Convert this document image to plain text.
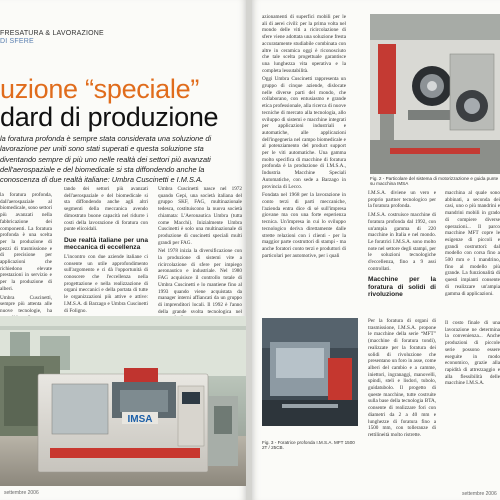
FRESATURA & LAVORAZIONE
DI SFERE
uzione “speciale”
dard di produzione
la foratura profonda è sempre stata considerata una soluzione di lavorazione per uniti sono stati superati e questa soluzione sta diventando sempre di più uno nelle realtà dei settori più avanzati dell'aerospaziale e del biomedicale si sta diffondendo anche la conoscenza di due realtà italiane: Umbra Cuscinetti e I.M.S.A.

la foratura profonda, dall'aerospaziale al biomedicale, sono settori più avanzati nella fabbricazione dei componenti. La foratura profonda è una scelta per la produzione di pezzi di trasmissione e di precisione per applicazioni che richiedono elevate prestazioni in servizio e per la produzione di alberi.

Umbra Cuscinetti, sempre più attenta alle nuove tecnologie, ha

tando dei settori più avanzati dell'aerospaziale e del biomedicale si sta diffondendo anche agli altri segmenti della meccanica avendo dimostrato buone capacità nel ridurre i costi della lavorazione di foratura con punte elicoidali.

Due realtà italiane per una meccanica di eccellenza

L'incontro con due aziende italiane ci consente un utile approfondimento sull'argomento e ci dà l'opportunità di conoscere che l'eccellenza nella progettazione e nella realizzazione di organi meccanici e della portata di tutte le organizzazioni più attive e attive: I.M.S.A. di Barzago e Umbra Cuscinetti di Foligno.

Umbra Cuscinetti nasce nel 1972 quando Gepi, una società italiana del gruppo SKF, FAG, multinazionale tedesca, costituiscono la nuova società chiamata: L'Aeronautica Umbra (tutta come Macchi). Inizialmente Umbra Cuscinetti è solo una multinazionale di produzione di cuscinetti speciali multi grandi per FAG.

Nel 1978 inizia la diversificazione con la produzione di sistemi vite a ricircolazione di sfere per impiego aeronautico e industriale. Nel 1980 FAG acquisisce il controllo totale di Umbra Cuscinetti e lo mantiene fino al 1993 quando viene acquistata da manager interni affiancati da un gruppo di imprenditori locali. Il 1992 è l'anno della grande svolta tecnologica nel

IMSA
settembre 2006

azionamenti di superfici mobili per le ali di aerei civili: per la prima volta nel mondo delle viti a ricircolazione di sfere viene adottata una soluzione fresta accuratamente studiabile combinata con altre in ceramica oggi è riconosciuto che tale scelta progettuale garantisce una lunghezza vita operativa e la completa lessutabilità.

Oggi Umbra Cuscinetti rappresenta un gruppo di cinque aziende, dislocate nelle diverse parti del mondo, che collaborano, con entusiasmo e grande etica professionale, alla ricerca di nuove tecniche di mercato alla tecnologia, allo sviluppo di sistemi e macchine integrati per applicazioni industriali e automatiche, alle applicazioni dell'ingegneria nel campo biomedicale e al potenziamento del product support per le viti automatiche. Una gamma molto specifica di macchine di foratura profonda è la produzione di I.M.S.A., Industria Macchine Speciali Automatiche, con sede a Barzago in provincia di Lecco.

Fondata nel 1968 per la lavorazione in conto terzi di parti meccaniche, l'azienda entra dice di sé sull'impresa giovane ma con una forte esperienza tecnica. Un'impresa in cui lo sviluppo tecnologico deriva direttamente dalle strette relazioni con i clienti - per la maggior parte costruttori di stampi - ma anche foratori conto terzi e produttori di particolari per automotive, per i quali

Fig. 2 - Particolare del sistema di motorizzazione e guida punte su macchina IMSA

I.M.S.A. diviene un vero e proprio partner tecnologico per la foratura profonda.

I.M.S.A. costruisce macchine di foratura profonda dal 1992, con un'ampia gamma di 220 macchine in Italia e nel mondo. Le foratrici I.M.S.A. sono molto note nel settore degli stampi, per le soluzioni tecnologiche d'eccellenza, fino a 9 assi controllati.

Macchine per la foratura di solidi di rivoluzione

macchina al quale sono abbinati, a seconda dei casi, uno o più mandrini e mandrini mobili in grado di compiere diverse operazioni... Il parco macchine MFT copre le esigenze di piccoli e grandi costruttori: dal modello con corsa fino a 500 mm e 1 mandrino, fino al modello più grande. La funzionalità di questi impianti consente di realizzare un'ampia gamma di applicazioni.

Fig. 3 - Foratrice profonda I.M.S.A. MFT 1500 2T / 25CB.

Per la foratura di organi di trasmissione, I.M.S.A. propone le macchine della serie “MFT” (macchine di foratura tondi), realizzate per la foratura dei solidi di rivoluzione che presentano un foro in asse, come alberi del cambio e a camme, iniettori, ingranaggi, manovelli, spindi, steli e lisdori, tubolo, guidatubolo. Il progetto di queste macchine, tutte costruite sulla base della tecnologia BTA, consente di realizzare fori con diametri da 2 a 40 mm e lunghezze di foratura fino a 1500 mm, con tolleranze di rettilineità molto ristrette.

Il costo finale di una lavorazione ne determina la convenienza... Anche produzioni di piccole serie possono essere eseguite in modo economico, grazie alla rapidità di attrezzaggio e alla flessibilità delle macchine I.M.S.A.

settembre 2006
